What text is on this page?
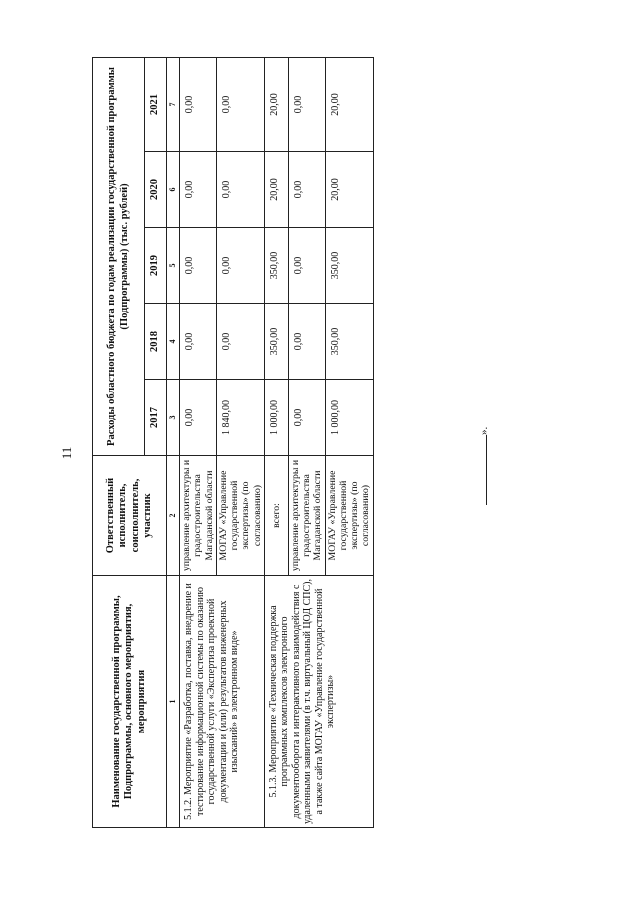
11
Наименование государственной программы, Подпрограммы, основного мероприятия, мероприятия	Ответственный исполнитель, соисполнитель, участник	Расходы областного бюджета по годам реализации государственной программы (Подпрограммы) (тыс. рублей)				
		2017	2018	2019	2020	2021
1	2	3	4	5	6	7
5.1.2. Мероприятие «Разработка, поставка, внедрение и тестирование информационной системы по оказанию государственной услуги «Экспертиза проектной документации и (или) результатов инженерных изысканий» в электронном виде»	управление архитектуры и градостроительства Магаданской области	0,00	0,00	0,00	0,00	0,00
	МОГАУ «Управление государственной экспертизы» (по согласованию)	1 840,00	0,00	0,00	0,00	0,00
5.1.3. Мероприятие «Техническая поддержка программных комплексов электронного документооборота и интерактивного взаимодействия с удаленными заявителями (в т.ч. виртуальный ЦОД СПС), а также сайта МОГАУ «Управление государственной экспертизы»	всего:	1 000,00	350,00	350,00	20,00	20,00
	управление архитектуры и градостроительства Магаданской области	0,00	0,00	0,00	0,00	0,00
	МОГАУ «Управление государственной экспертизы» (по согласованию)	1 000,00	350,00	350,00	20,00	20,00
».
